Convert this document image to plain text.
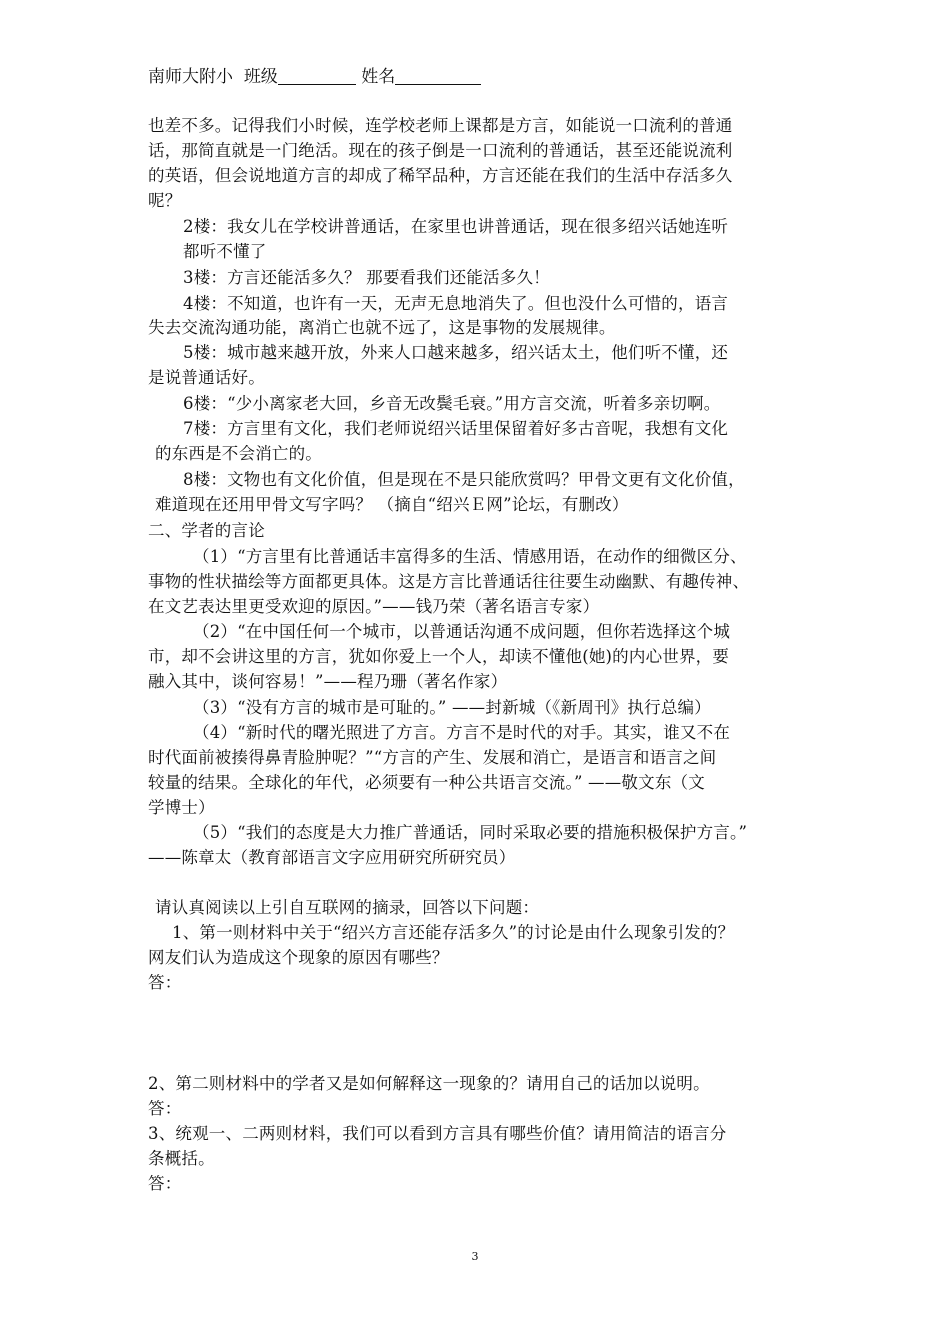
南师大附小 班级	姓名
也差不多。记得我们小时候，连学校老师上课都是方言，如能说一口流利的普通
话，那简直就是一门绝活。现在的孩子倒是一口流利的普通话，甚至还能说流利
的英语，但会说地道方言的却成了稀罕品种，方言还能在我们的生活中存活多久
呢？
2楼：我女儿在学校讲普通话，在家里也讲普通话，现在很多绍兴话她连听
都听不懂了
3楼：方言还能活多久？ 那要看我们还能活多久！
4楼：不知道，也许有一天，无声无息地消失了。但也没什么可惜的，语言
失去交流沟通功能，离消亡也就不远了，这是事物的发展规律。
5楼：城市越来越开放，外来人口越来越多，绍兴话太土，他们听不懂，还
是说普通话好。
6楼：“少小离家老大回，乡音无改鬓毛衰。”用方言交流，听着多亲切啊。
7楼：方言里有文化，我们老师说绍兴话里保留着好多古音呢，我想有文化
的东西是不会消亡的。
8楼：文物也有文化价值，但是现在不是只能欣赏吗？甲骨文更有文化价值，
难道现在还用甲骨文写字吗？ （摘自“绍兴Ｅ网”论坛，有删改）
二、学者的言论
（1）“方言里有比普通话丰富得多的生活、情感用语，在动作的细微区分、
事物的性状描绘等方面都更具体。这是方言比普通话往往要生动幽默、有趣传神、
在文艺表达里更受欢迎的原因。”——钱乃荣（著名语言专家）
（2）“在中国任何一个城市，以普通话沟通不成问题，但你若选择这个城
市，却不会讲这里的方言，犹如你爱上一个人，却读不懂他(她)的内心世界，要
融入其中，谈何容易！”——程乃珊（著名作家）
（3）“没有方言的城市是可耻的。” ——封新城（《新周刊》执行总编）
（4）“新时代的曙光照进了方言。方言不是时代的对手。其实，谁又不在
时代面前被揍得鼻青脸肿呢？”“方言的产生、发展和消亡，是语言和语言之间
较量的结果。全球化的年代，必须要有一种公共语言交流。” ——敬文东（文
学博士）
（5）“我们的态度是大力推广普通话，同时采取必要的措施积极保护方言。”
——陈章太（教育部语言文字应用研究所研究员）
请认真阅读以上引自互联网的摘录，回答以下问题：
1、第一则材料中关于“绍兴方言还能存活多久”的讨论是由什么现象引发的？
网友们认为造成这个现象的原因有哪些？
答：
2、第二则材料中的学者又是如何解释这一现象的？请用自己的话加以说明。
答：
3、统观一、二两则材料，我们可以看到方言具有哪些价值？请用简洁的语言分
条概括。
答：
3
